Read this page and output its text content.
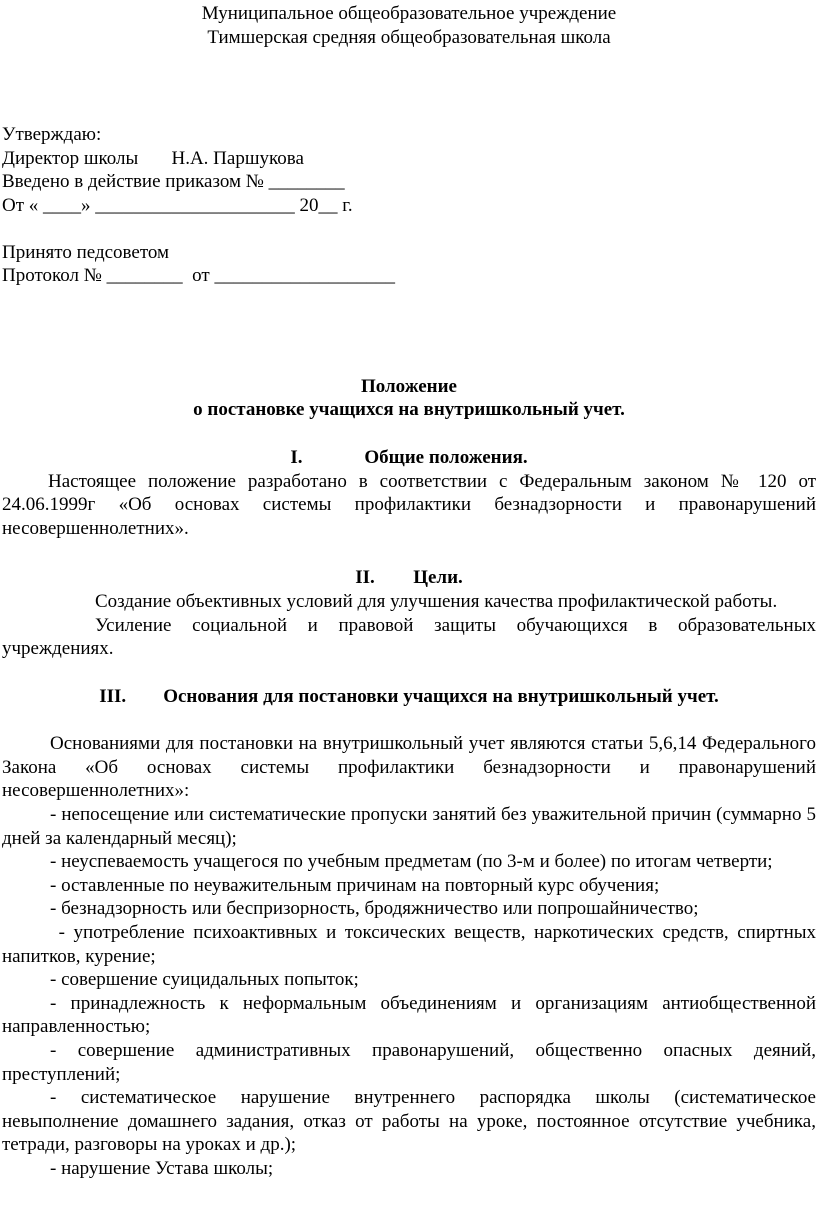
Муниципальное общеобразовательное учреждение

Тимшерская средняя общеобразовательная школа

Утверждаю:

Директор школы       Н.А. Паршукова

Введено в действие приказом № ________

От « ____» _____________________ 20__ г.

Принято педсоветом

Протокол № ________  от ___________________

Положение

о постановке учащихся на внутришкольный учет.

I.	Общие положения.

Настоящее положение разработано в соответствии с Федеральным законом № 120 от 24.06.1999г «Об основах системы профилактики безнадзорности и правонарушений несовершеннолетних».

II. Цели.

Создание объективных условий для улучшения качества профилактической работы.

Усиление социальной и правовой защиты обучающихся в образовательных учреждениях.

III. Основания для постановки учащихся на внутришкольный учет.

Основаниями для постановки на внутришкольный учет являются статьи 5,6,14 Федерального Закона «Об основах системы профилактики безнадзорности и правонарушений несовершеннолетних»:

- непосещение или систематические пропуски занятий без уважительной причин (суммарно 5 дней за календарный месяц);

- неуспеваемость учащегося по учебным предметам (по 3-м и более) по итогам четверти;

- оставленные по неуважительным причинам на повторный курс обучения;

- безнадзорность или беспризорность, бродяжничество или попрошайничество;

- употребление психоактивных и токсических веществ, наркотических средств, спиртных напитков, курение;

- совершение суицидальных попыток;

- принадлежность к неформальным объединениям и организациям антиобщественной направленностью;

- совершение административных правонарушений, общественно опасных деяний, преступлений;

- систематическое нарушение внутреннего распорядка школы (систематическое невыполнение домашнего задания, отказ от работы на уроке, постоянное отсутствие учебника, тетради, разговоры на уроках и др.);

- нарушение Устава школы;
